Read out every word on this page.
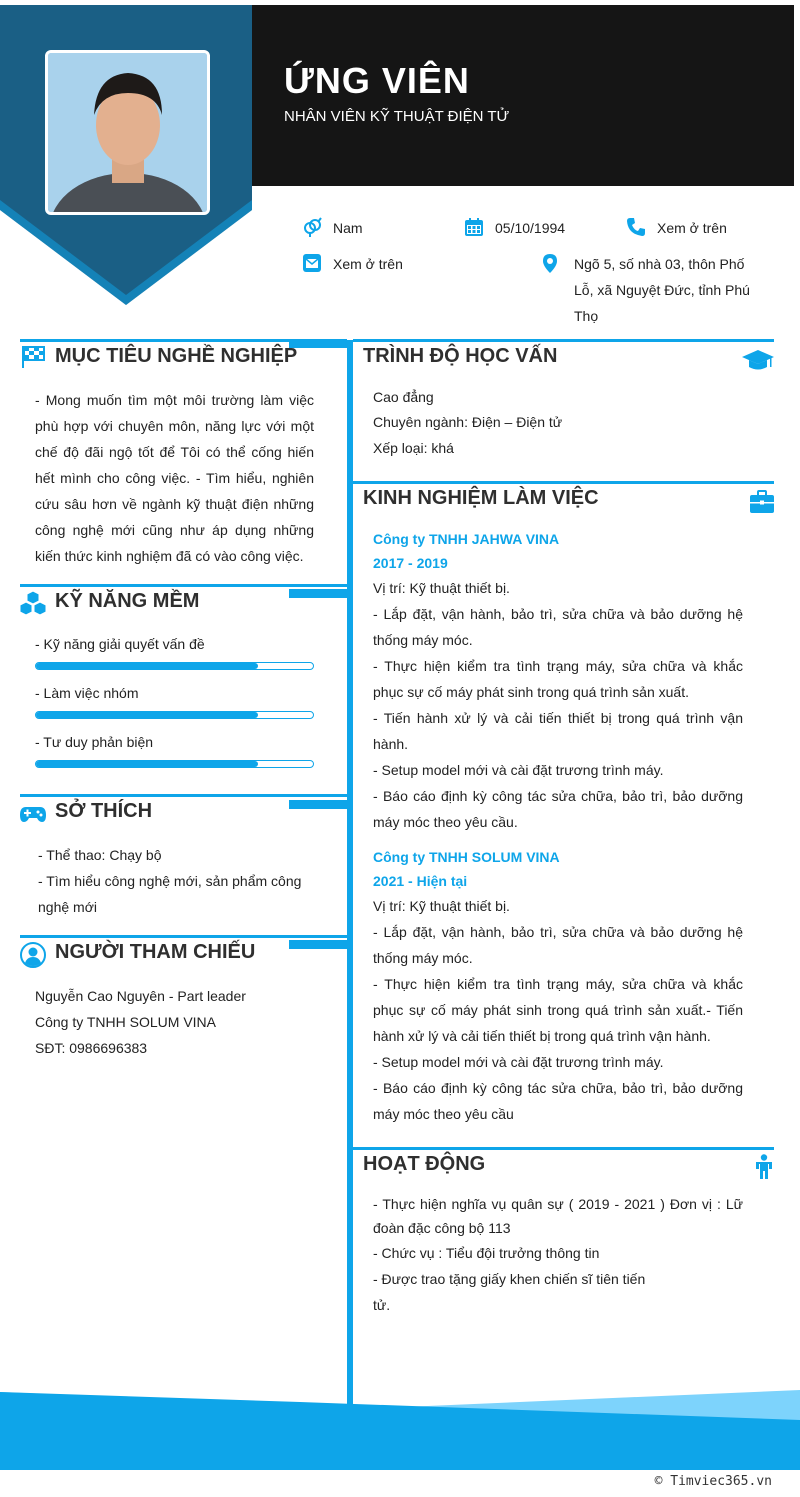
ỨNG VIÊN
NHÂN VIÊN KỸ THUẬT ĐIỆN TỬ
Nam	05/10/1994	Xem ở trên
Xem ở trên	Ngõ 5, số nhà 03, thôn Phố Lỗ, xã Nguyệt Đức, tỉnh Phú Thọ
MỤC TIÊU NGHỀ NGHIỆP
- Mong muốn tìm một môi trường làm việc phù hợp với chuyên môn, năng lực với một chế độ đãi ngộ tốt để Tôi có thể cống hiến hết mình cho công việc. - Tìm hiểu, nghiên cứu sâu hơn về ngành kỹ thuật điện những công nghệ mới cũng như áp dụng những kiến thức kinh nghiệm đã có vào công việc.
KỸ NĂNG MỀM
- Kỹ năng giải quyết vấn đề
- Làm việc nhóm
- Tư duy phản biện
SỞ THÍCH
- Thể thao: Chạy bộ
- Tìm hiểu công nghệ mới, sản phẩm công nghệ mới
NGƯỜI THAM CHIẾU
Nguyễn Cao Nguyên - Part leader
Công ty TNHH SOLUM VINA
SĐT: 0986696383
TRÌNH ĐỘ HỌC VẤN
Cao đẳng
Chuyên ngành: Điện – Điện tử
Xếp loại: khá
KINH NGHIỆM LÀM VIỆC
Công ty TNHH JAHWA VINA
2017 - 2019
Vị trí: Kỹ thuật thiết bị.
- Lắp đặt, vận hành, bảo trì, sửa chữa và bảo dưỡng hệ thống máy móc.
- Thực hiện kiểm tra tình trạng máy, sửa chữa và khắc phục sự cố máy phát sinh trong quá trình sản xuất.
- Tiến hành xử lý và cải tiến thiết bị trong quá trình vận hành.
- Setup model mới và cài đặt trương trình máy.
- Báo cáo định kỳ công tác sửa chữa, bảo trì, bảo dưỡng máy móc theo yêu cầu.
Công ty TNHH SOLUM VINA
2021 - Hiện tại
Vị trí: Kỹ thuật thiết bị.
- Lắp đặt, vận hành, bảo trì, sửa chữa và bảo dưỡng hệ thống máy móc.
- Thực hiện kiểm tra tình trạng máy, sửa chữa và khắc phục sự cố máy phát sinh trong quá trình sản xuất.- Tiến hành xử lý và cải tiến thiết bị trong quá trình vận hành.
- Setup model mới và cài đặt trương trình máy.
- Báo cáo định kỳ công tác sửa chữa, bảo trì, bảo dưỡng máy móc theo yêu cầu
HOẠT ĐỘNG
- Thực hiện nghĩa vụ quân sự ( 2019 - 2021 ) Đơn vị : Lữ đoàn đặc công bộ 113
- Chức vụ : Tiểu đội trưởng thông tin
- Được trao tặng giấy khen chiến sĩ tiên tiến
tử.
© Timviec365.vn
